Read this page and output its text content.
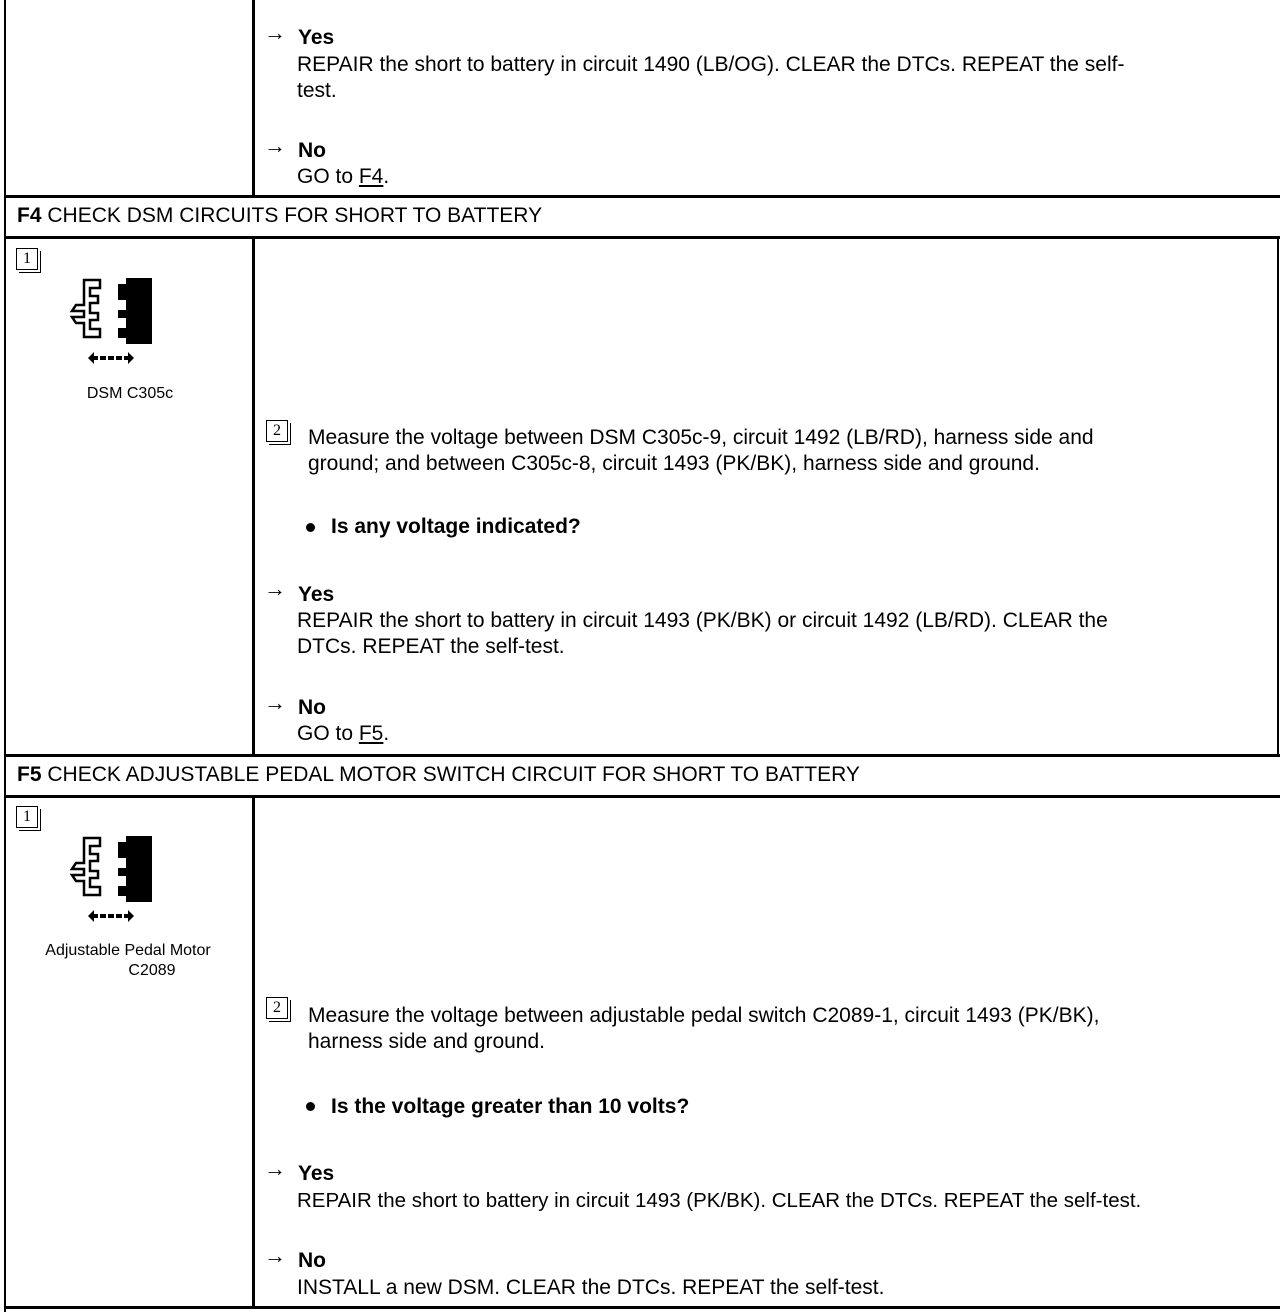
→ Yes
REPAIR the short to battery in circuit 1490 (LB/OG). CLEAR the DTCs. REPEAT the self-
test.
→ No
GO to F4.
F4 CHECK DSM CIRCUITS FOR SHORT TO BATTERY
1
DSM C305c
2	Measure the voltage between DSM C305c-9, circuit 1492 (LB/RD), harness side and
ground; and between C305c-8, circuit 1493 (PK/BK), harness side and ground.
Is any voltage indicated?
→ Yes
REPAIR the short to battery in circuit 1493 (PK/BK) or circuit 1492 (LB/RD). CLEAR the
DTCs. REPEAT the self-test.
→ No
GO to F5.
F5 CHECK ADJUSTABLE PEDAL MOTOR SWITCH CIRCUIT FOR SHORT TO BATTERY
1
Adjustable Pedal Motor
C2089
2	Measure the voltage between adjustable pedal switch C2089-1, circuit 1493 (PK/BK),
harness side and ground.
Is the voltage greater than 10 volts?
→ Yes
REPAIR the short to battery in circuit 1493 (PK/BK). CLEAR the DTCs. REPEAT the self-test.
→ No
INSTALL a new DSM. CLEAR the DTCs. REPEAT the self-test.
